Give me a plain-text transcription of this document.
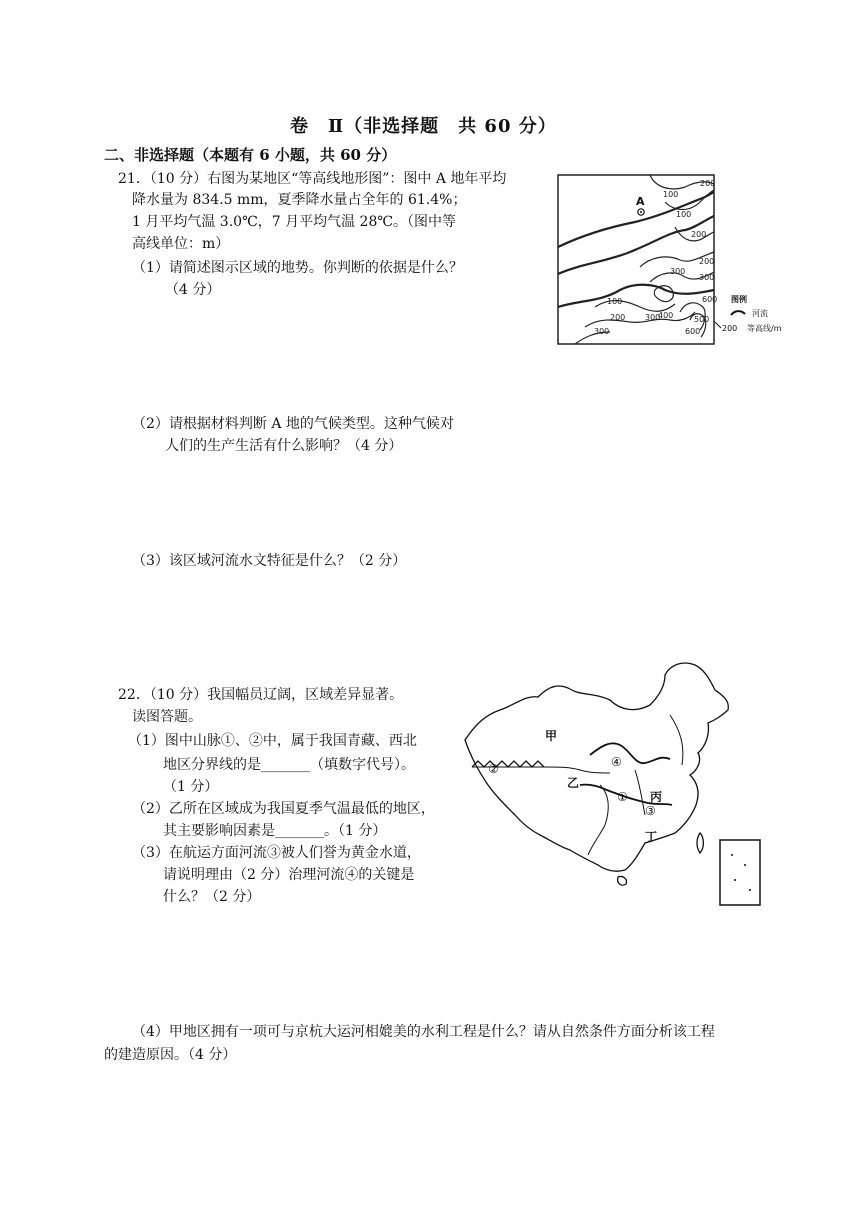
卷　Ⅱ（非选择题　共 60 分）
二、非选择题（本题有 6 小题，共 60 分）
21．（10 分）右图为某地区“等高线地形图”：图中 A 地年平均
降水量为 834.5 mm，夏季降水量占全年的 61.4%；
1 月平均气温 3.0℃，7 月平均气温 28℃。（图中等
高线单位：m）
（1）请简述图示区域的地势。你判断的依据是什么？
（4 分）
（2）请根据材料判断 A 地的气候类型。这种气候对
人们的生产生活有什么影响？（4 分）
（3）该区域河流水文特征是什么？（2 分）
A
100
200
100
200
300
200 300
400
300
100
200
300
600
600
500
图例
河流
200 等高线/m
22．（10 分）我国幅员辽阔，区域差异显著。
读图答题。
（1）图中山脉①、②中，属于我国青藏、西北
地区分界线的是_______（填数字代号）。
（1 分）
（2）乙所在区域成为我国夏季气温最低的地区，
其主要影响因素是_______。（1 分）
（3）在航运方面河流③被人们誉为黄金水道，
请说明理由（2 分）治理河流④的关键是
什么？（2 分）
（4）甲地区拥有一项可与京杭大运河相媲美的水利工程是什么？请从自然条件方面分析该工程
的建造原因。（4 分）
甲
乙
丙
丁
①
②
③
④
